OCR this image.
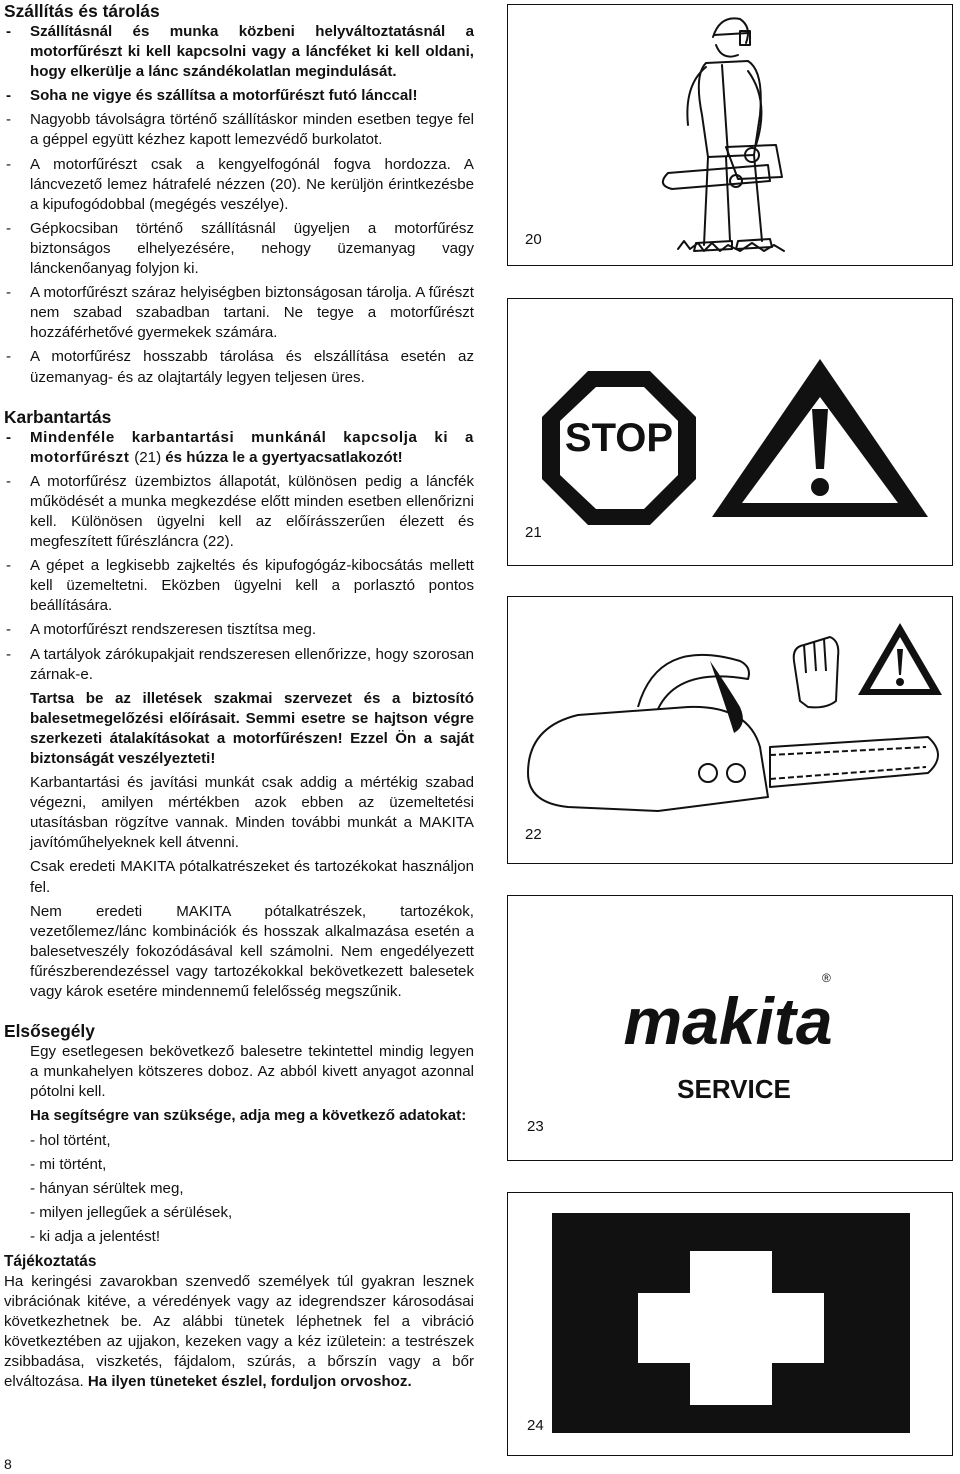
Szállítás és tárolás
- Szállításnál és munka közbeni helyváltoztatásnál a motorfűrészt ki kell kapcsolni vagy a láncféket ki kell oldani, hogy elkerülje a lánc szándékolatlan megindulását.
- Soha ne vigye és szállítsa a motorfűrészt futó lánccal!
- Nagyobb távolságra történő szállításkor minden esetben tegye fel a géppel együtt kézhez kapott lemezvédő burkolatot.
- A motorfűrészt csak a kengyelfogónál fogva hordozza. A láncvezető lemez hátrafelé nézzen (20). Ne kerüljön érintkezésbe a kipufogódobbal (megégés veszélye).
- Gépkocsiban történő szállításnál ügyeljen a motorfűrész biztonságos elhelyezésére, nehogy üzemanyag vagy lánckenőanyag folyjon ki.
- A motorfűrészt száraz helyiségben biztonságosan tárolja. A fűrészt nem szabad szabadban tartani. Ne tegye a motorfűrészt hozzáférhetővé gyermekek számára.
- A motorfűrész hosszabb tárolása és elszállítása esetén az üzemanyag- és az olajtartály legyen teljesen üres.
Karbantartás
- Mindenféle karbantartási munkánál kapcsolja ki a motorfűrészt (21) és húzza le a gyertyacsatlakozót!
- A motorfűrész üzembiztos állapotát, különösen pedig a láncfék működését a munka megkezdése előtt minden esetben ellenőrizni kell. Különösen ügyelni kell az előírásszerűen élezett és megfeszített fűrészláncra (22).
- A gépet a legkisebb zajkeltés és kipufogógáz-kibocsátás mellett kell üzemeltetni. Eközben ügyelni kell a porlasztó pontos beállítására.
- A motorfűrészt rendszeresen tisztítsa meg.
- A tartályok zárókupakjait rendszeresen ellenőrizze, hogy szorosan zárnak-e.
Tartsa be az illetések szakmai szervezet és a biztosító balesetmegelőzési előírásait. Semmi esetre se hajtson végre szerkezeti átalakításokat a motorfűrészen! Ezzel Ön a saját biztonságát veszélyezteti!
Karbantartási és javítási munkát csak addig a mértékig szabad végezni, amilyen mértékben azok ebben az üzemeltetési utasításban rögzítve vannak. Minden további munkát a MAKITA javítóműhelyeknek kell átvenni.
Csak eredeti MAKITA pótalkatrészeket és tartozékokat használjon fel.
Nem eredeti MAKITA pótalkatrészek, tartozékok, vezetőlemez/lánc kombinációk és hosszak alkalmazása esetén a balesetveszély fokozódásával kell számolni. Nem engedélyezett fűrészberendezéssel vagy tartozékokkal bekövetkezett balesetek vagy károk esetére mindennemű felelősség megszűnik.
Elsősegély
Egy esetlegesen bekövetkező balesetre tekintettel mindig legyen a munkahelyen kötszeres doboz. Az abból kivett anyagot azonnal pótolni kell.
Ha segítségre van szüksége, adja meg a következő adatokat:
- hol történt,
- mi történt,
- hányan sérültek meg,
- milyen jellegűek a sérülések,
- ki adja a jelentést!
Tájékoztatás
Ha keringési zavarokban szenvedő személyek túl gyakran lesznek vibrációnak kitéve, a véredények vagy az idegrendszer károsodásai következhetnek be. Az alábbi tünetek léphetnek fel a vibráció következtében az ujjakon, kezeken vagy a kéz izületein: a testrészek zsibbadása, viszketés, fájdalom, szúrás, a bőrszín vagy a bőr elváltozása. Ha ilyen tüneteket észlel, forduljon orvoshoz.
8
20
STOP
21
22
makita
®
SERVICE
23
24
